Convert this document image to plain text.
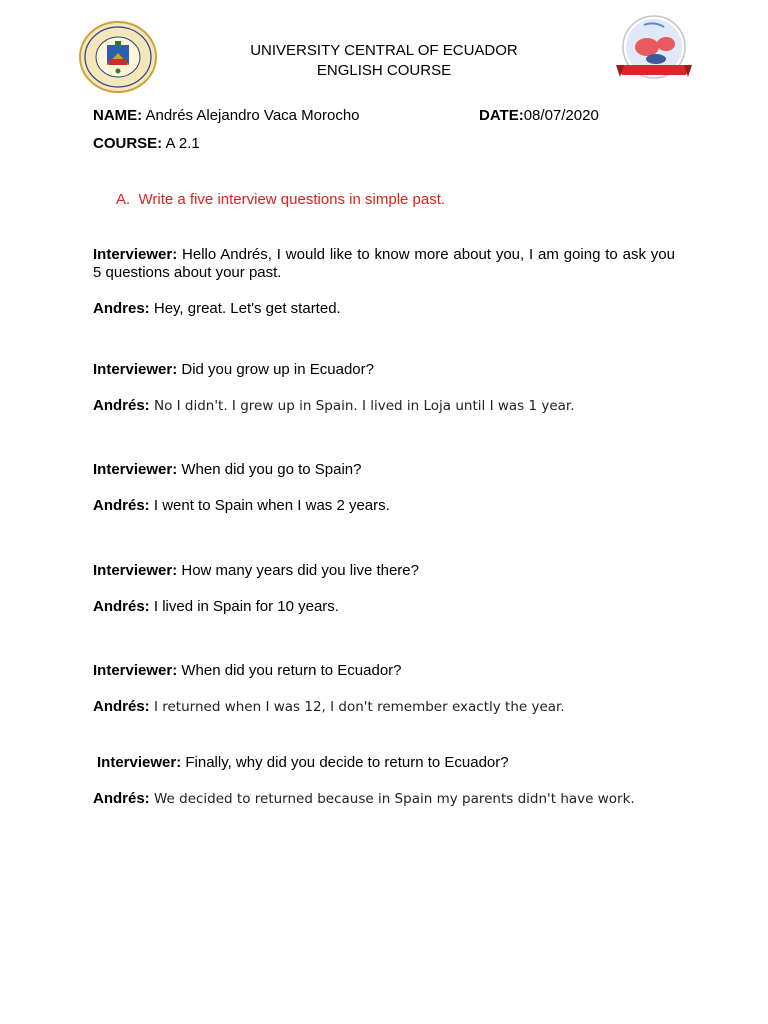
UNIVERSITY CENTRAL OF ECUADOR
ENGLISH COURSE
NAME: Andrés Alejandro Vaca Morocho	DATE:08/07/2020
COURSE: A 2.1
A. Write a five interview questions in simple past.
Interviewer: Hello Andrés, I would like to know more about you, I am going to ask you 5 questions about your past.
Andres: Hey, great. Let's get started.
Interviewer: Did you grow up in Ecuador?
Andrés: No I didn't. I grew up in Spain. I lived in Loja until I was 1 year.
Interviewer: When did you go to Spain?
Andrés: I went to Spain when I was 2 years.
Interviewer: How many years did you live there?
Andrés: I lived in Spain for 10 years.
Interviewer: When did you return to Ecuador?
Andrés: I returned when I was 12, I don't remember exactly the year.
Interviewer: Finally, why did you decide to return to Ecuador?
Andrés: We decided to returned because in Spain my parents didn't have work.
